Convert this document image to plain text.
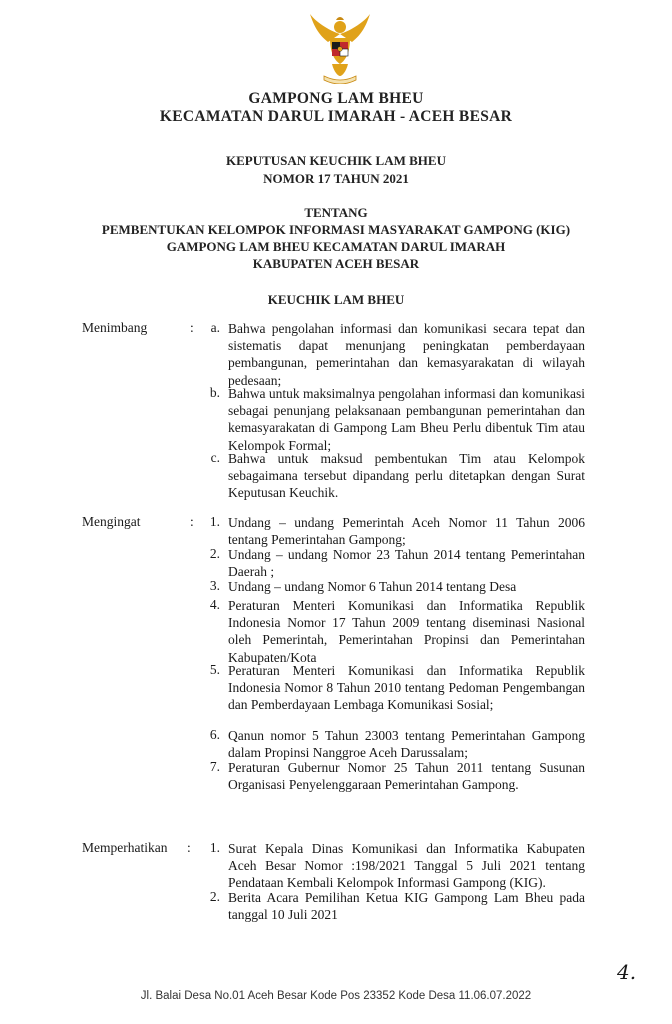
GAMPONG LAM BHEU
KECAMATAN DARUL IMARAH - ACEH BESAR
KEPUTUSAN KEUCHIK LAM BHEU
NOMOR 17 TAHUN 2021
TENTANG
PEMBENTUKAN KELOMPOK INFORMASI MASYARAKAT GAMPONG (KIG)
GAMPONG LAM BHEU KECAMATAN DARUL IMARAH
KABUPATEN ACEH BESAR
KEUCHIK LAM BHEU
Menimbang	:	a. Bahwa pengolahan informasi dan komunikasi secara tepat dan sistematis dapat menunjang peningkatan pemberdayaan pembangunan, pemerintahan dan kemasyarakatan di wilayah pedesaan;
b. Bahwa untuk maksimalnya pengolahan informasi dan komunikasi sebagai penunjang pelaksanaan pembangunan pemerintahan dan kemasyarakatan di Gampong Lam Bheu Perlu dibentuk Tim atau Kelompok Formal;
c. Bahwa untuk maksud pembentukan Tim atau Kelompok sebagaimana tersebut dipandang perlu ditetapkan dengan Surat Keputusan Keuchik.
Mengingat	:	1. Undang – undang Pemerintah Aceh Nomor 11 Tahun 2006 tentang Pemerintahan Gampong;
2. Undang – undang Nomor 23 Tahun 2014 tentang Pemerintahan Daerah ;
3. Undang – undang Nomor 6 Tahun 2014 tentang Desa
4. Peraturan Menteri Komunikasi dan Informatika Republik Indonesia Nomor 17 Tahun 2009 tentang diseminasi Nasional oleh Pemerintah, Pemerintahan Propinsi dan Pemerintahan Kabupaten/Kota
5. Peraturan Menteri Komunikasi dan Informatika Republik Indonesia Nomor 8 Tahun 2010 tentang Pedoman Pengembangan dan Pemberdayaan Lembaga Komunikasi Sosial;
6. Qanun nomor 5 Tahun 23003 tentang Pemerintahan Gampong dalam Propinsi Nanggroe Aceh Darussalam;
7. Peraturan Gubernur Nomor 25 Tahun 2011 tentang Susunan Organisasi Penyelenggaraan Pemerintahan Gampong.
Memperhatikan :	1. Surat Kepala Dinas Komunikasi dan Informatika Kabupaten Aceh Besar Nomor :198/2021 Tanggal 5 Juli 2021 tentang Pendataan Kembali Kelompok Informasi Gampong (KIG).
2. Berita Acara Pemilihan Ketua KIG Gampong Lam Bheu pada tanggal 10 Juli 2021
4.
Jl. Balai Desa No.01 Aceh Besar Kode Pos 23352 Kode Desa 11.06.07.2022
